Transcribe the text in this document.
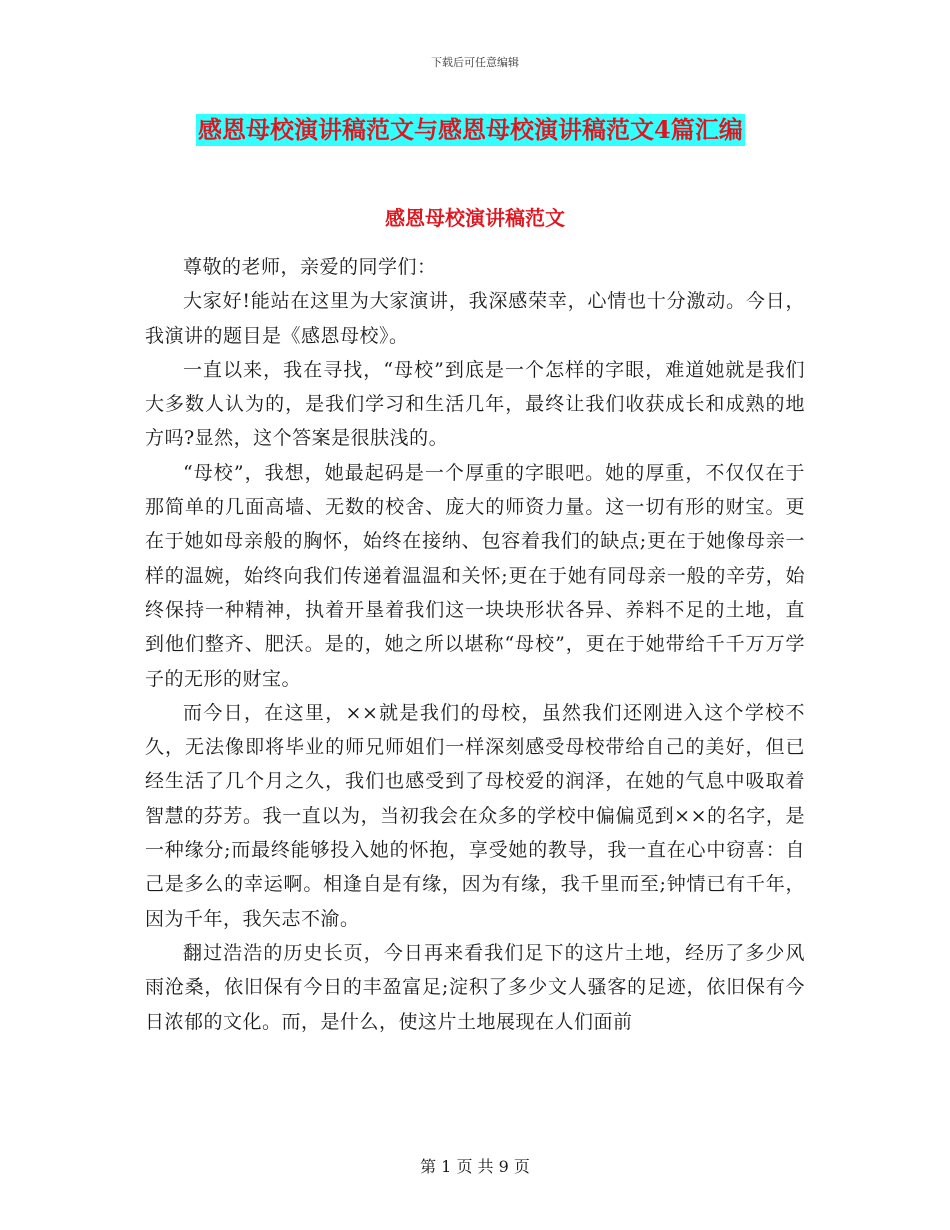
下载后可任意编辑
感恩母校演讲稿范文与感恩母校演讲稿范文4篇汇编
感恩母校演讲稿范文

尊敬的老师，亲爱的同学们：

大家好!能站在这里为大家演讲，我深感荣幸，心情也十分激动。今日，我演讲的题目是《感恩母校》。

一直以来，我在寻找，“母校”到底是一个怎样的字眼，难道她就是我们大多数人认为的，是我们学习和生活几年，最终让我们收获成长和成熟的地方吗?显然，这个答案是很肤浅的。

“母校”，我想，她最起码是一个厚重的字眼吧。她的厚重，不仅仅在于那简单的几面高墙、无数的校舍、庞大的师资力量。这一切有形的财宝。更在于她如母亲般的胸怀，始终在接纳、包容着我们的缺点;更在于她像母亲一样的温婉，始终向我们传递着温温和关怀;更在于她有同母亲一般的辛劳，始终保持一种精神，执着开垦着我们这一块块形状各异、养料不足的土地，直到他们整齐、肥沃。是的，她之所以堪称“母校”，更在于她带给千千万万学子的无形的财宝。

而今日，在这里，××就是我们的母校，虽然我们还刚进入这个学校不久，无法像即将毕业的师兄师姐们一样深刻感受母校带给自己的美好，但已经生活了几个月之久，我们也感受到了母校爱的润泽，在她的气息中吸取着智慧的芬芳。我一直以为，当初我会在众多的学校中偏偏觅到××的名字，是一种缘分;而最终能够投入她的怀抱，享受她的教导，我一直在心中窃喜：自己是多么的幸运啊。相逢自是有缘，因为有缘，我千里而至;钟情已有千年，因为千年，我矢志不渝。

翻过浩浩的历史长页，今日再来看我们足下的这片土地，经历了多少风雨沧桑，依旧保有今日的丰盈富足;淀积了多少文人骚客的足迹，依旧保有今日浓郁的文化。而，是什么，使这片土地展现在人们面前

第 1 页 共 9 页
